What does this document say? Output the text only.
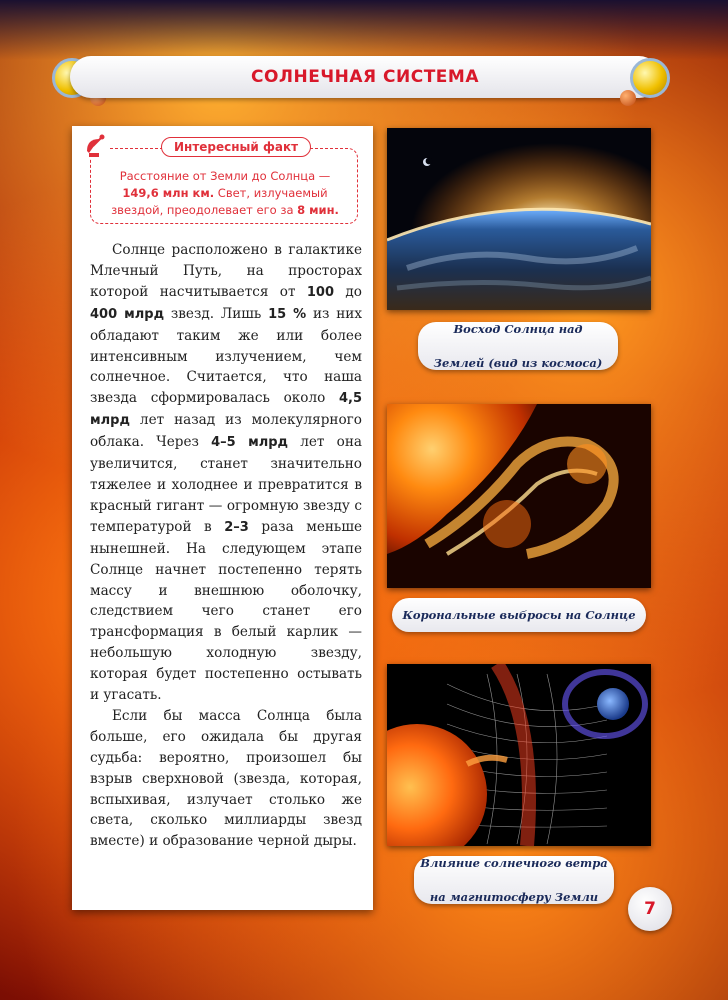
СОЛНЕЧНАЯ СИСТЕМА
Интересный факт
Расстояние от Земли до Солнца —
149,6 млн км. Свет, излучаемый
звездой, преодолевает его за 8 мин.

Солнце расположено в галактике Млечный Путь, на просторах которой насчитывается от 100 до 400 млрд звезд. Лишь 15 % из них обладают таким же или более интенсивным излучением, чем солнечное. Считается, что наша звезда сформировалась около 4,5 млрд лет назад из молекулярного облака. Через 4–5 млрд лет она увеличится, станет значительно тяжелее и холоднее и превратится в красный гигант — огромную звезду с температурой в 2–3 раза меньше нынешней. На следующем этапе Солнце начнет постепенно терять массу и внешнюю оболочку, следствием чего станет его трансформация в белый карлик — небольшую холодную звезду, которая будет постепенно остывать и угасать.

Если бы масса Солнца была больше, его ожидала бы другая судьба: вероятно, произошел бы взрыв сверхновой (звезда, которая, вспыхивая, излучает столько же света, сколько миллиарды звезд вместе) и образование черной дыры.

Восход Солнца над

Землей (вид из космоса)
Корональные выбросы на Солнце
Влияние солнечного ветра

на магнитосферу Земли
7
